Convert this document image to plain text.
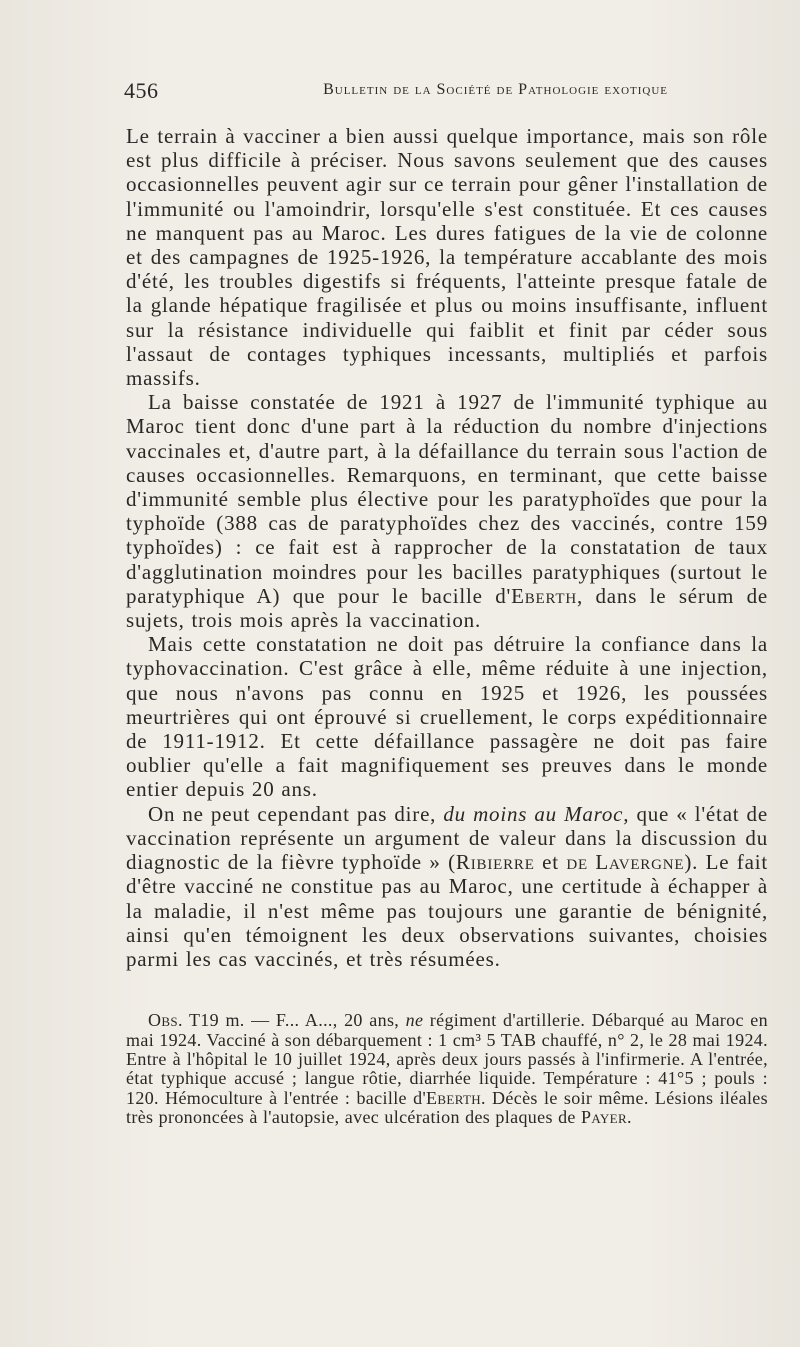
456	Bulletin de la Société de Pathologie exotique

Le terrain à vacciner a bien aussi quelque importance, mais son rôle est plus difficile à préciser. Nous savons seulement que des causes occasionnelles peuvent agir sur ce terrain pour gêner l'installation de l'immunité ou l'amoindrir, lorsqu'elle s'est constituée. Et ces causes ne manquent pas au Maroc. Les dures fatigues de la vie de colonne et des campagnes de 1925-1926, la température accablante des mois d'été, les troubles digestifs si fréquents, l'atteinte presque fatale de la glande hépatique fragilisée et plus ou moins insuffisante, influent sur la résistance individuelle qui faiblit et finit par céder sous l'assaut de contages typhiques incessants, multipliés et parfois massifs.

La baisse constatée de 1921 à 1927 de l'immunité typhique au Maroc tient donc d'une part à la réduction du nombre d'injections vaccinales et, d'autre part, à la défaillance du terrain sous l'action de causes occasionnelles. Remarquons, en terminant, que cette baisse d'immunité semble plus élective pour les paratyphoïdes que pour la typhoïde (388 cas de paratyphoïdes chez des vaccinés, contre 159 typhoïdes) : ce fait est à rapprocher de la constatation de taux d'agglutination moindres pour les bacilles paratyphiques (surtout le paratyphique A) que pour le bacille d'Eberth, dans le sérum de sujets, trois mois après la vaccination.

Mais cette constatation ne doit pas détruire la confiance dans la typhovaccination. C'est grâce à elle, même réduite à une injection, que nous n'avons pas connu en 1925 et 1926, les poussées meurtrières qui ont éprouvé si cruellement, le corps expéditionnaire de 1911-1912. Et cette défaillance passagère ne doit pas faire oublier qu'elle a fait magnifiquement ses preuves dans le monde entier depuis 20 ans.

On ne peut cependant pas dire, du moins au Maroc, que « l'état de vaccination représente un argument de valeur dans la discussion du diagnostic de la fièvre typhoïde » (Ribierre et de Lavergne). Le fait d'être vacciné ne constitue pas au Maroc, une certitude à échapper à la maladie, il n'est même pas toujours une garantie de bénignité, ainsi qu'en témoignent les deux observations suivantes, choisies parmi les cas vaccinés, et très résumées.

Obs. T19 m. — F... A..., 20 ans, ne régiment d'artillerie. Débarqué au Maroc en mai 1924. Vacciné à son débarquement : 1 cm³ 5 TAB chauffé, n° 2, le 28 mai 1924. Entre à l'hôpital le 10 juillet 1924, après deux jours passés à l'infirmerie. A l'entrée, état typhique accusé ; langue rôtie, diarrhée liquide. Température : 41°5 ; pouls : 120. Hémoculture à l'entrée : bacille d'Eberth. Décès le soir même. Lésions iléales très prononcées à l'autopsie, avec ulcération des plaques de Payer.
